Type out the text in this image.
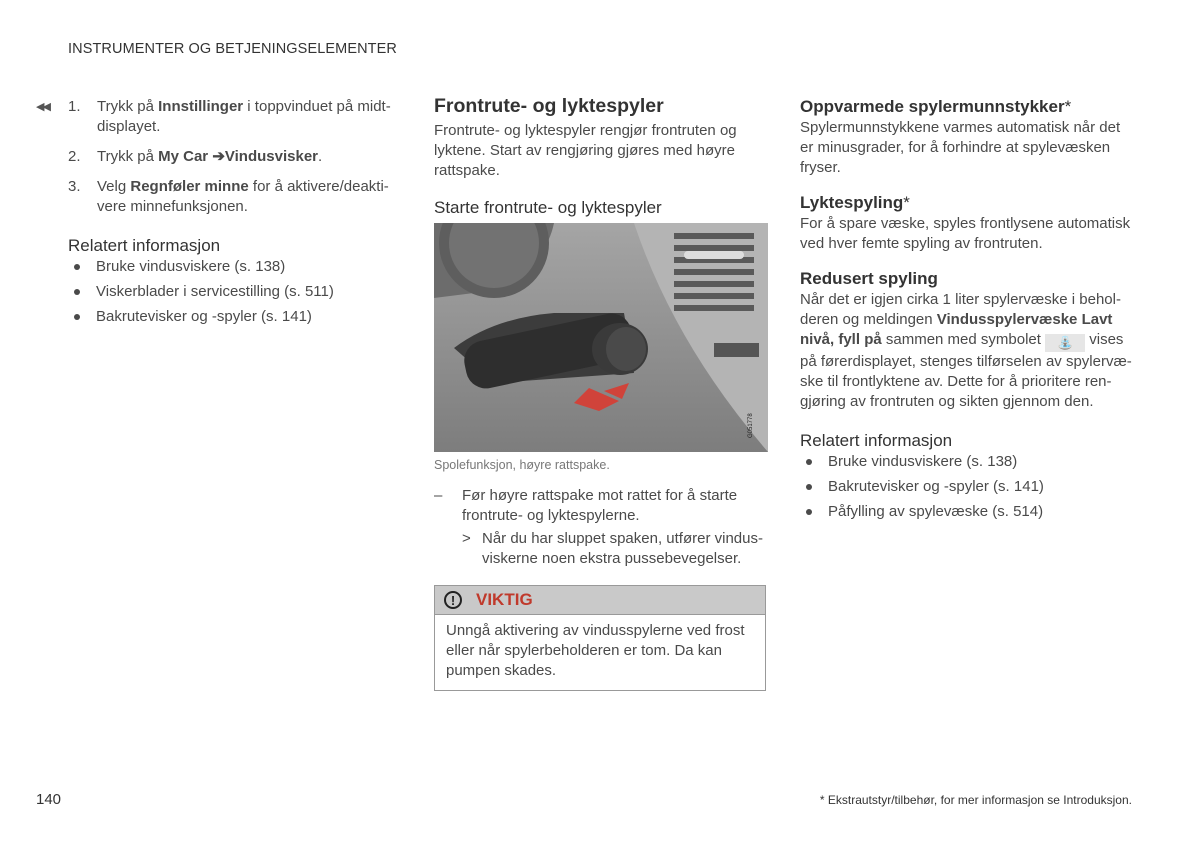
INSTRUMENTER OG BETJENINGSELEMENTER
◀◀ 1. Trykk på Innstillinger i toppvinduet på midt-displayet.
2. Trykk på My Car ➔Vindusvisker.
3. Velg Regnføler minne for å aktivere/deakti-vere minnefunksjonen.
Relatert informasjon
Bruke vindusviskere (s. 138)
Viskerblader i servicestilling (s. 511)
Bakrutevisker og -spyler (s. 141)
Frontrute- og lyktespyler
Frontrute- og lyktespyler rengjør frontruten og lyktene. Start av rengjøring gjøres med høyre rattspake.
Starte frontrute- og lyktespyler
G051778
Spolefunksjon, høyre rattspake.
– Før høyre rattspake mot rattet for å starte frontrute- og lyktespylerne.
> Når du har sluppet spaken, utfører vindus-viskerne noen ekstra pussebevegelser.
!	VIKTIG
Unngå aktivering av vindusspylerne ved frost eller når spylerbeholderen er tom. Da kan pumpen skades.
Oppvarmede spylermunnstykker*
Spylermunnstykkene varmes automatisk når det er minusgrader, for å forhindre at spylevæsken fryser.
Lyktespyling*
For å spare væske, spyles frontlysene automatisk ved hver femte spyling av frontruten.
Redusert spyling
Når det er igjen cirka 1 liter spylervæske i behol-deren og meldingen Vindusspylervæske Lavt nivå, fyll på sammen med symbolet ⛲ vises på førerdisplayet, stenges tilførselen av spylervæ-ske til frontlyktene av. Dette for å prioritere ren-gjøring av frontruten og sikten gjennom den.
Relatert informasjon
Bruke vindusviskere (s. 138)
Bakrutevisker og -spyler (s. 141)
Påfylling av spylevæske (s. 514)
140	* Ekstrautstyr/tilbehør, for mer informasjon se Introduksjon.
